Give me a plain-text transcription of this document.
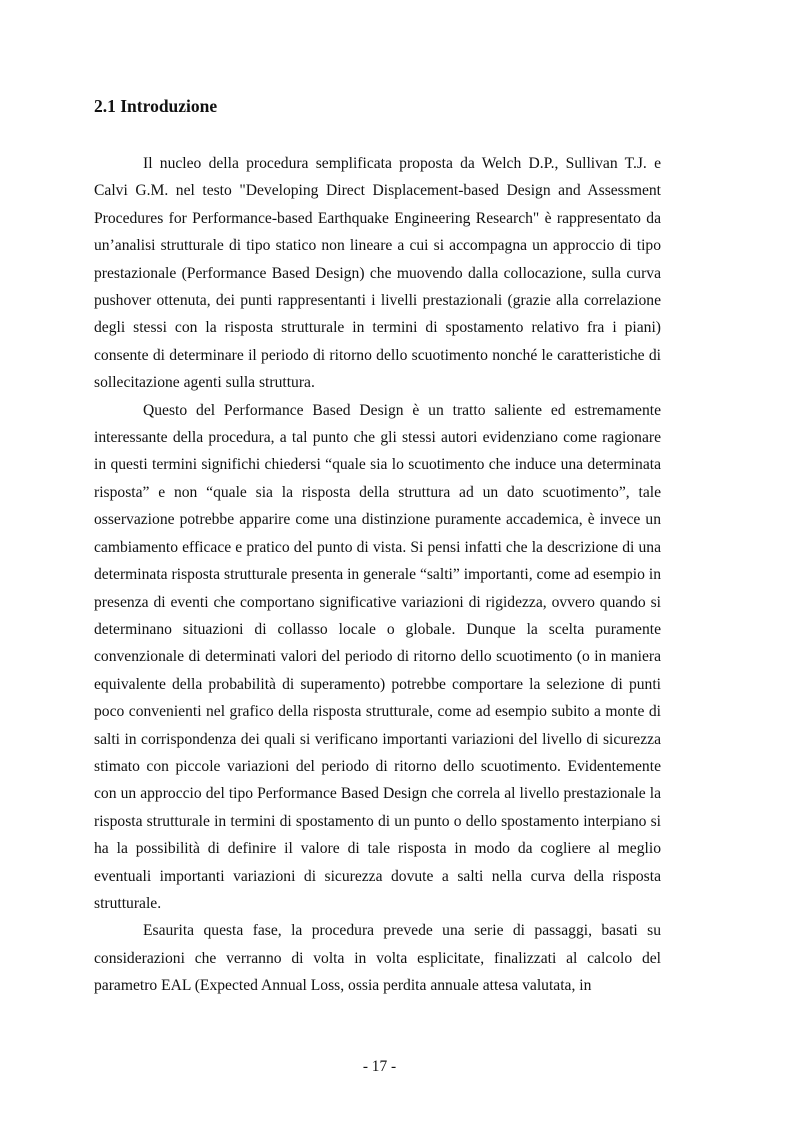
2.1 Introduzione

Il nucleo della procedura semplificata proposta da Welch D.P., Sullivan T.J. e Calvi G.M. nel testo "Developing Direct Displacement-based Design and Assessment Procedures for Performance-based Earthquake Engineering Research" è rappresentato da un’analisi strutturale di tipo statico non lineare a cui si accompagna un approccio di tipo prestazionale (Performance Based Design) che muovendo dalla collocazione, sulla curva pushover ottenuta, dei punti rappresentanti i livelli prestazionali (grazie alla correlazione degli stessi con la risposta strutturale in termini di spostamento relativo fra i piani) consente di determinare il periodo di ritorno dello scuotimento nonché le caratteristiche di sollecitazione agenti sulla struttura.

Questo del Performance Based Design è un tratto saliente ed estremamente interessante della procedura, a tal punto che gli stessi autori evidenziano come ragionare in questi termini significhi chiedersi “quale sia lo scuotimento che induce una determinata risposta” e non “quale sia la risposta della struttura ad un dato scuotimento”, tale osservazione potrebbe apparire come una distinzione puramente accademica, è invece un cambiamento efficace e pratico del punto di vista. Si pensi infatti che la descrizione di una determinata risposta strutturale presenta in generale “salti” importanti, come ad esempio in presenza di eventi che comportano significative variazioni di rigidezza, ovvero quando si determinano situazioni di collasso locale o globale. Dunque la scelta puramente convenzionale di determinati valori del periodo di ritorno dello scuotimento (o in maniera equivalente della probabilità di superamento) potrebbe comportare la selezione di punti poco convenienti nel grafico della risposta strutturale, come ad esempio subito a monte di salti in corrispondenza dei quali si verificano importanti variazioni del livello di sicurezza stimato con piccole variazioni del periodo di ritorno dello scuotimento. Evidentemente con un approccio del tipo Performance Based Design che correla al livello prestazionale la risposta strutturale in termini di spostamento di un punto o dello spostamento interpiano si ha la possibilità di definire il valore di tale risposta in modo da cogliere al meglio eventuali importanti variazioni di sicurezza dovute a salti nella curva della risposta strutturale.

Esaurita questa fase, la procedura prevede una serie di passaggi, basati su considerazioni che verranno di volta in volta esplicitate, finalizzati al calcolo del parametro EAL (Expected Annual Loss, ossia perdita annuale attesa valutata, in

- 17 -
